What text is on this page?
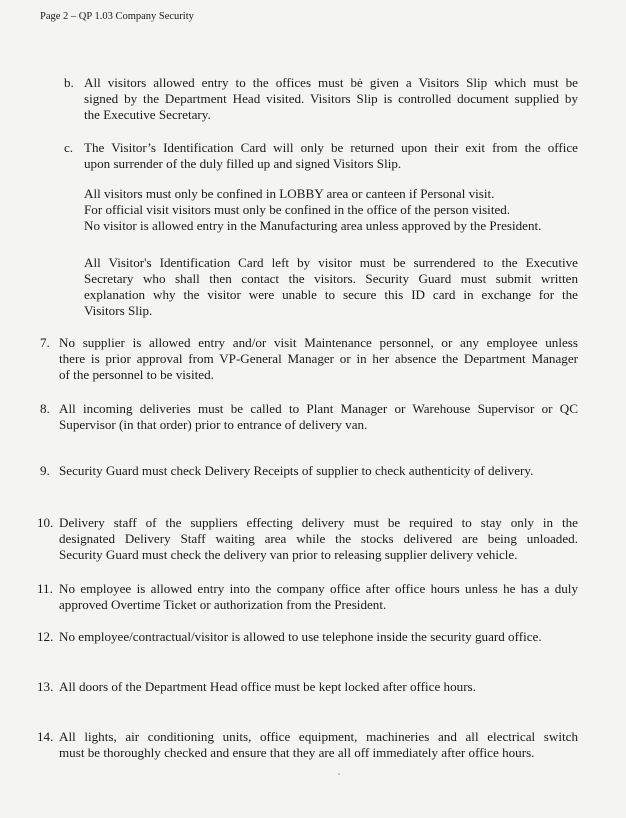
Page 2 – QP 1.03 Company Security
b. All visitors allowed entry to the offices must bė given a Visitors Slip which must be
signed by the Department Head visited. Visitors Slip is controlled document supplied by
the Executive Secretary.
c. The Visitor’s Identification Card will only be returned upon their exit from the office
upon surrender of the duly filled up and signed Visitors Slip.
All visitors must only be confined in LOBBY area or canteen if Personal visit.
For official visit visitors must only be confined in the office of the person visited.
No visitor is allowed entry in the Manufacturing area unless approved by the President.
All Visitor's Identification Card left by visitor must be surrendered to the Executive
Secretary who shall then contact the visitors. Security Guard must submit written
explanation why the visitor were unable to secure this ID card in exchange for the
Visitors Slip.
7. No supplier is allowed entry and/or visit Maintenance personnel, or any employee unless
there is prior approval from VP-General Manager or in her absence the Department Manager
of the personnel to be visited.
8. All incoming deliveries must be called to Plant Manager or Warehouse Supervisor or QC
Supervisor (in that order) prior to entrance of delivery van.
9. Security Guard must check Delivery Receipts of supplier to check authenticity of delivery.
10. Delivery staff of the suppliers effecting delivery must be required to stay only in the
designated Delivery Staff waiting area while the stocks delivered are being unloaded.
Security Guard must check the delivery van prior to releasing supplier delivery vehicle.
11. No employee is allowed entry into the company office after office hours unless he has a duly
approved Overtime Ticket or authorization from the President.
12. No employee/contractual/visitor is allowed to use telephone inside the security guard office.
13. All doors of the Department Head office must be kept locked after office hours.
14. All lights, air conditioning units, office equipment, machineries and all electrical switch
must be thoroughly checked and ensure that they are all off immediately after office hours.
